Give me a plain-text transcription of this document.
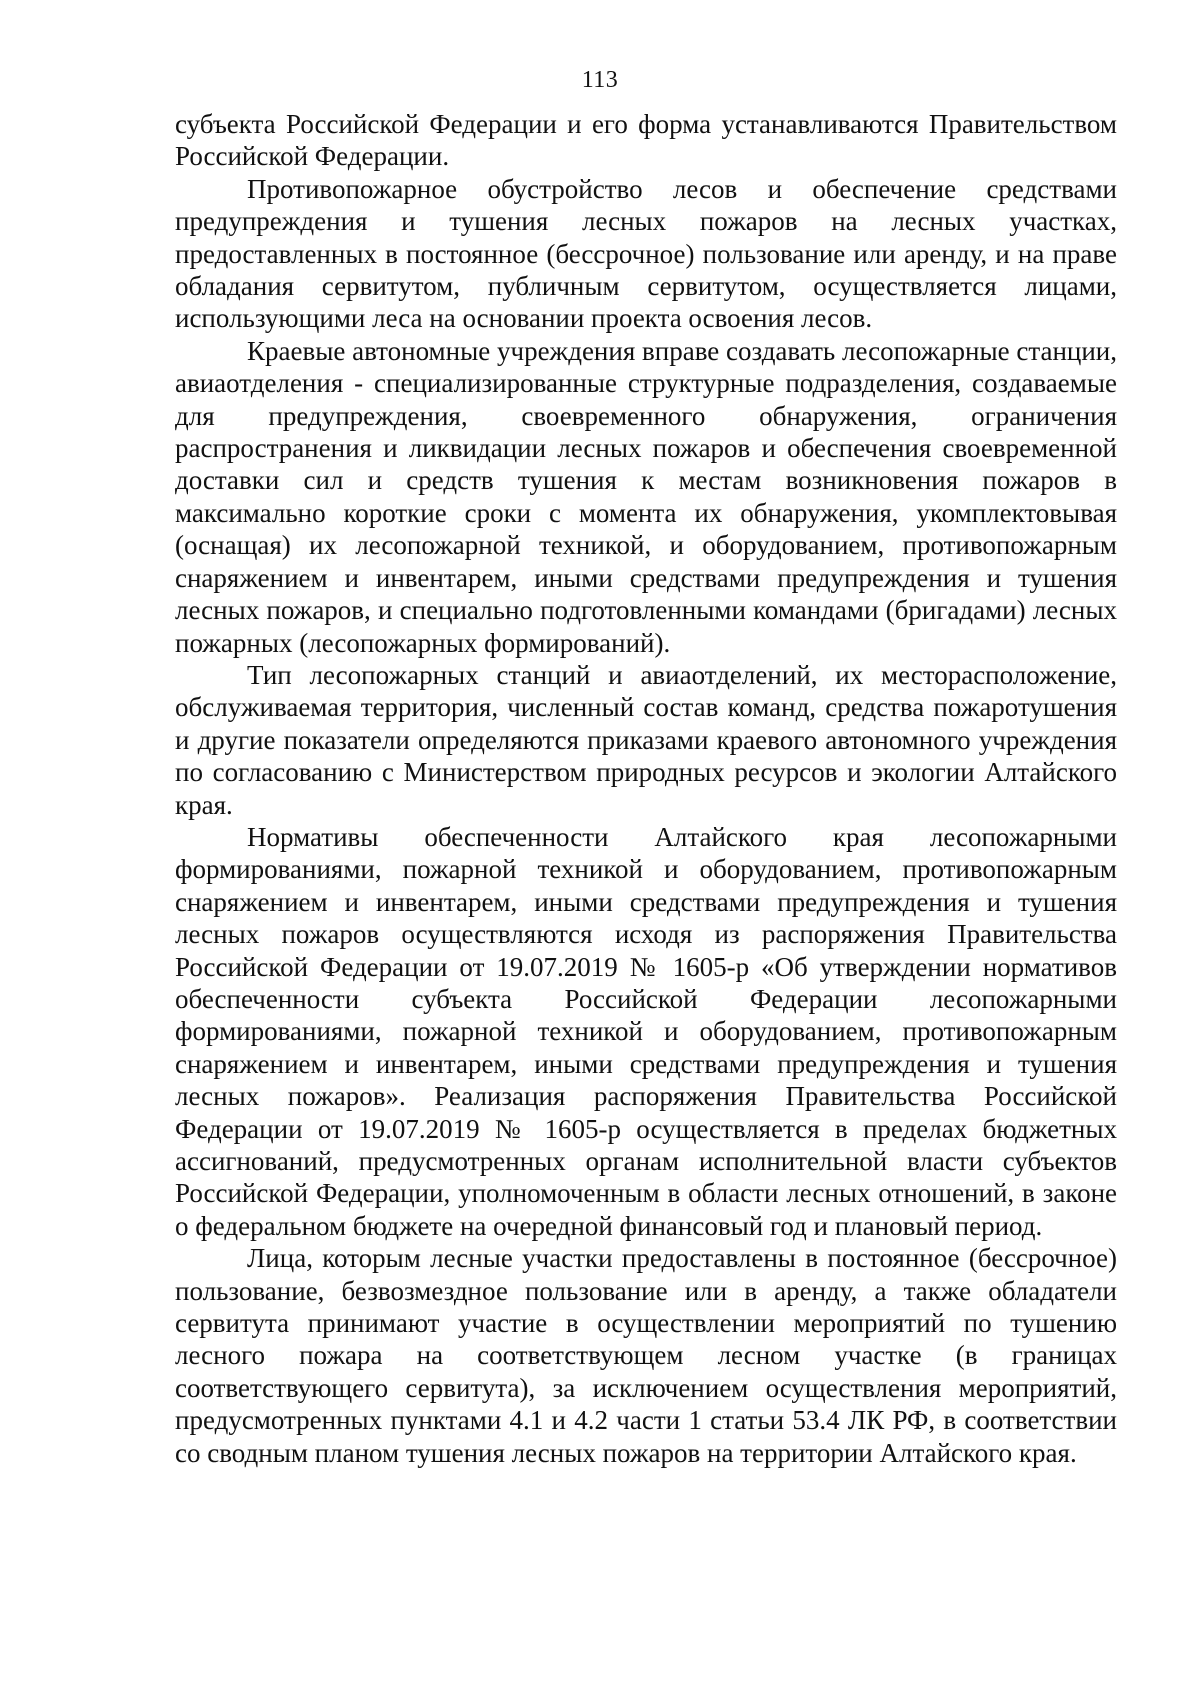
113

субъекта Российской Федерации и его форма устанавливаются Правительством Российской Федерации.

Противопожарное обустройство лесов и обеспечение средствами предупреждения и тушения лесных пожаров на лесных участках, предоставленных в постоянное (бессрочное) пользование или аренду, и на праве обладания сервитутом, публичным сервитутом, осуществляется лицами, использующими леса на основании проекта освоения лесов.

Краевые автономные учреждения вправе создавать лесопожарные станции, авиаотделения - специализированные структурные подразделения, создаваемые для предупреждения, своевременного обнаружения, ограничения распространения и ликвидации лесных пожаров и обеспечения своевременной доставки сил и средств тушения к местам возникновения пожаров в максимально короткие сроки с момента их обнаружения, укомплектовывая (оснащая) их лесопожарной техникой, и оборудованием, противопожарным снаряжением и инвентарем, иными средствами предупреждения и тушения лесных пожаров, и специально подготовленными командами (бригадами) лесных пожарных (лесопожарных формирований).

Тип лесопожарных станций и авиаотделений, их месторасположение, обслуживаемая территория, численный состав команд, средства пожаротушения и другие показатели определяются приказами краевого автономного учреждения по согласованию с Министерством природных ресурсов и экологии Алтайского края.

Нормативы обеспеченности Алтайского края лесопожарными формированиями, пожарной техникой и оборудованием, противопожарным снаряжением и инвентарем, иными средствами предупреждения и тушения лесных пожаров осуществляются исходя из распоряжения Правительства Российской Федерации от 19.07.2019 № 1605-р «Об утверждении нормативов обеспеченности субъекта Российской Федерации лесопожарными формированиями, пожарной техникой и оборудованием, противопожарным снаряжением и инвентарем, иными средствами предупреждения и тушения лесных пожаров». Реализация распоряжения Правительства Российской Федерации от 19.07.2019 № 1605-р осуществляется в пределах бюджетных ассигнований, предусмотренных органам исполнительной власти субъектов Российской Федерации, уполномоченным в области лесных отношений, в законе о федеральном бюджете на очередной финансовый год и плановый период.

Лица, которым лесные участки предоставлены в постоянное (бессрочное) пользование, безвозмездное пользование или в аренду, а также обладатели сервитута принимают участие в осуществлении мероприятий по тушению лесного пожара на соответствующем лесном участке (в границах соответствующего сервитута), за исключением осуществления мероприятий, предусмотренных пунктами 4.1 и 4.2 части 1 статьи 53.4 ЛК РФ, в соответствии со сводным планом тушения лесных пожаров на территории Алтайского края.
